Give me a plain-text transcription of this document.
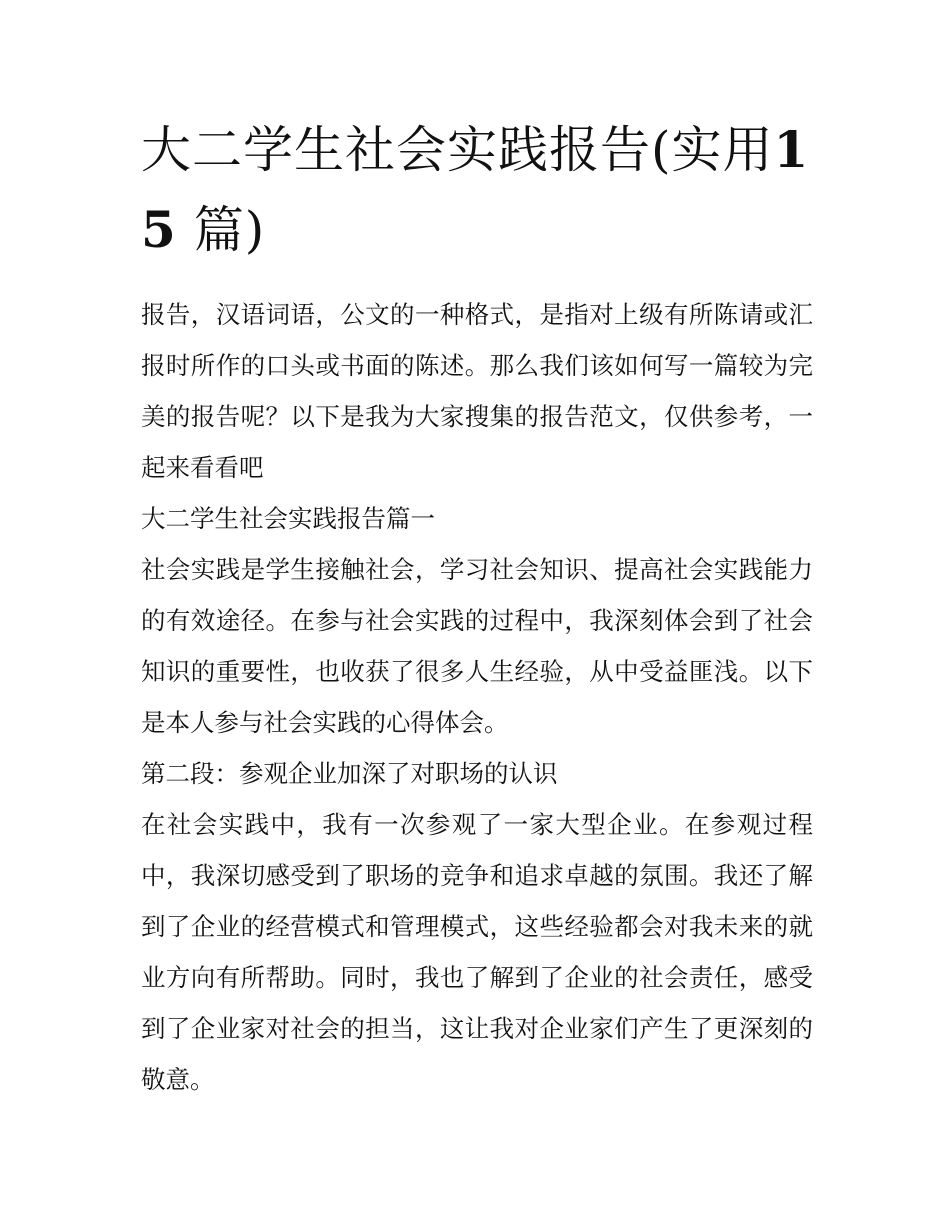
大二学生社会实践报告(实用15 篇)

报告，汉语词语，公文的一种格式，是指对上级有所陈请或汇报时所作的口头或书面的陈述。那么我们该如何写一篇较为完美的报告呢？以下是我为大家搜集的报告范文，仅供参考，一起来看看吧

大二学生社会实践报告篇一

社会实践是学生接触社会，学习社会知识、提高社会实践能力的有效途径。在参与社会实践的过程中，我深刻体会到了社会知识的重要性，也收获了很多人生经验，从中受益匪浅。以下是本人参与社会实践的心得体会。

第二段：参观企业加深了对职场的认识

在社会实践中，我有一次参观了一家大型企业。在参观过程中，我深切感受到了职场的竞争和追求卓越的氛围。我还了解到了企业的经营模式和管理模式，这些经验都会对我未来的就业方向有所帮助。同时，我也了解到了企业的社会责任，感受到了企业家对社会的担当，这让我对企业家们产生了更深刻的敬意。
